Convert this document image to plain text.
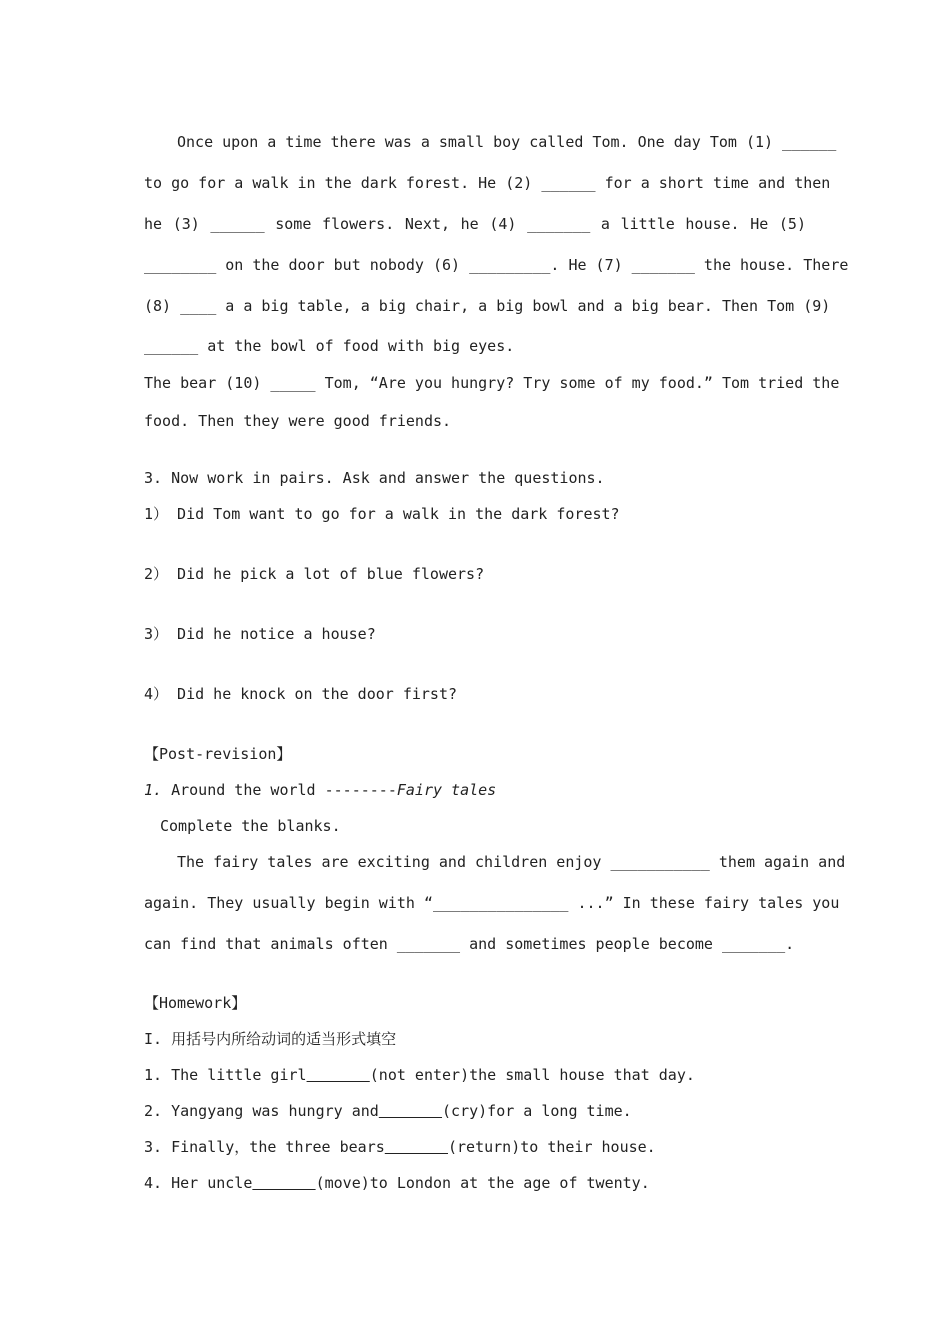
Once upon a time there was a small boy called Tom. One day Tom (1) ______

to go for a walk in the dark forest. He (2) ______ for a short time and then

he (3) ______ some flowers. Next, he (4) _______ a little house. He (5)

________ on the door but nobody (6) _________. He (7) _______ the house. There

(8) ____ a a big table, a big chair, a big bowl and a big bear. Then Tom (9)

______ at the bowl of food with big eyes.

The bear (10) _____ Tom, “Are you hungry? Try some of my food.” Tom tried the

food. Then they were good friends.

3. Now work in pairs. Ask and answer the questions.

1） Did Tom want to go for a walk in the dark forest?

2） Did he pick a lot of blue flowers?

3） Did he notice a house?

4） Did he knock on the door first?

【Post-revision】

1. Around the world --------Fairy tales

Complete the blanks.

The fairy tales are exciting and children enjoy ___________ them again and

again. They usually begin with “_______________ ...” In these fairy tales you

can find that animals often _______ and sometimes people become _______.

【Homework】

I. 用括号内所给动词的适当形式填空

1. The little girl	(not enter)the small house that day.

2. Yangyang was hungry and	(cry)for a long time.

3. Finally，the three bears	(return)to their house.

4. Her uncle	(move)to London at the age of twenty.
